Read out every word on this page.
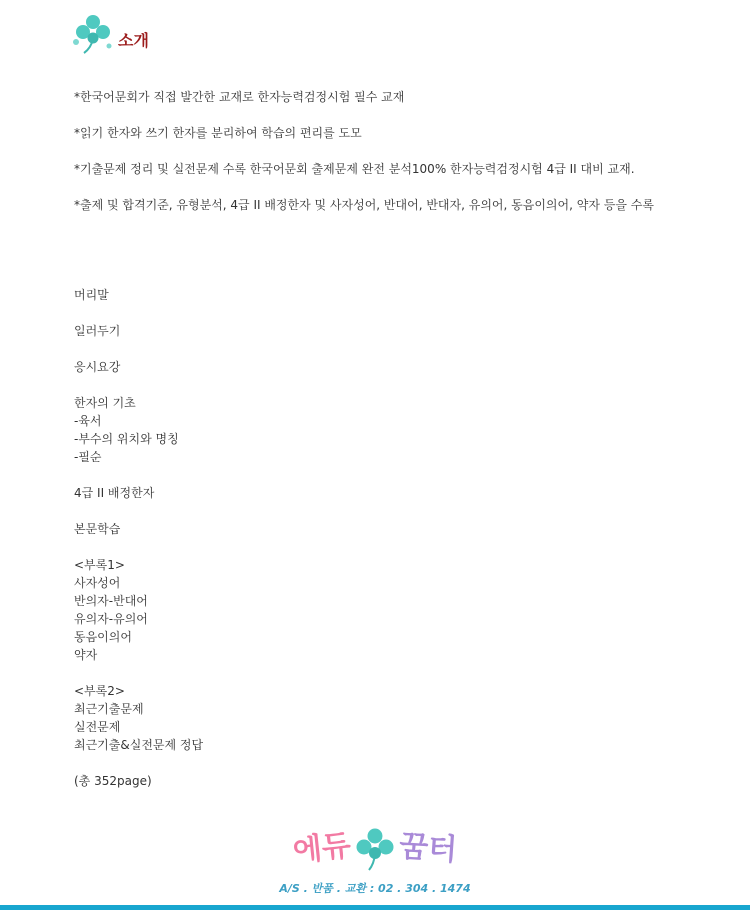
소개

*한국어문회가 직접 발간한 교재로 한자능력검정시험 필수 교재

*읽기 한자와 쓰기 한자를 분리하여 학습의 편리를 도모

*기출문제 정리 및 실전문제 수록 한국어문회 출제문제 완전 분석100% 한자능력검정시험 4급 II 대비 교재.

*출제 및 합격기준, 유형분석, 4급 II 배정한자 및 사자성어, 반대어, 반대자, 유의어, 동음이의어, 약자 등을 수록

머리말

일러두기

응시요강

한자의 기초

-육서

-부수의 위치와 명칭

-필순

4급 II 배정한자

본문학습

<부록1>

사자성어

반의자-반대어

유의자-유의어

동음이의어

약자

<부록2>

최근기출문제

실전문제

최근기출&실전문제 정답

(총 352page)

에듀 꿈터
A/S . 반품 . 교환 : 02 . 304 . 1474
